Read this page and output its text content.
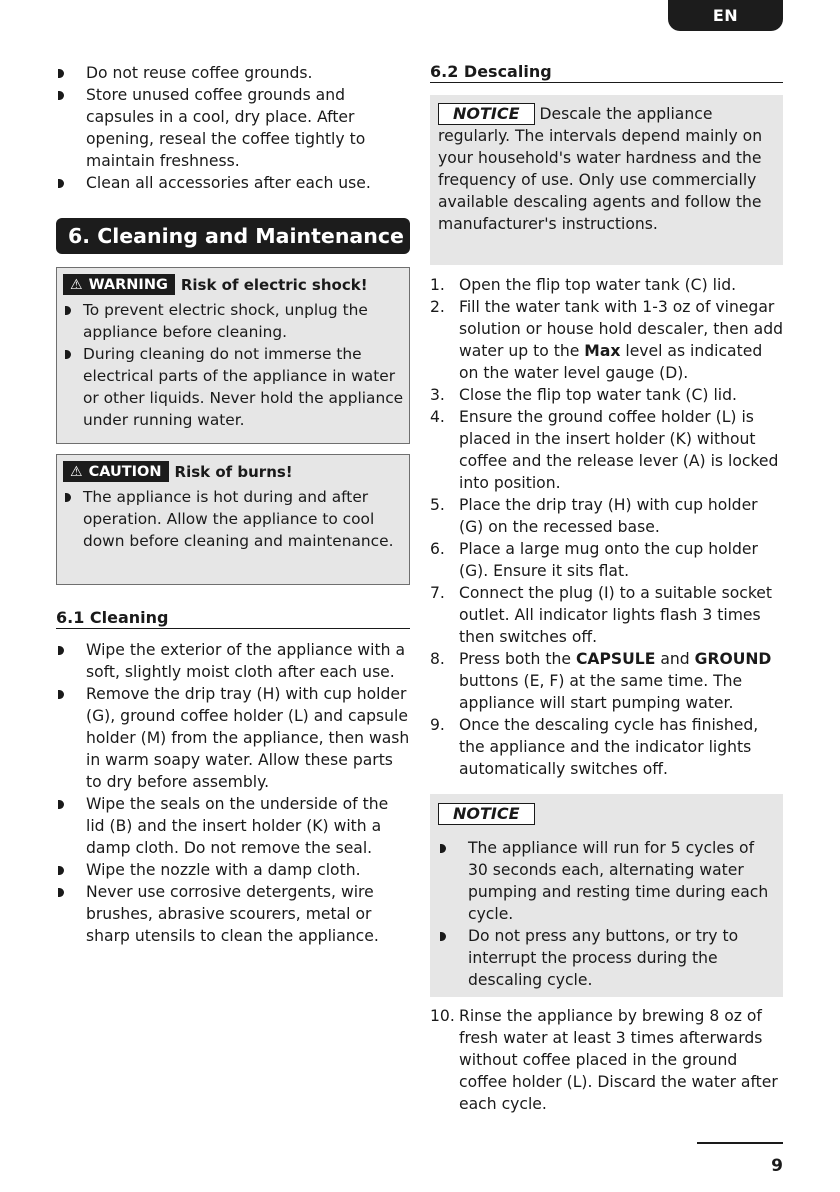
EN
Do not reuse coffee grounds.
Store unused coffee grounds and capsules in a cool, dry place. After opening, reseal the coffee tightly to maintain freshness.
Clean all accessories after each use.
6. Cleaning and Maintenance
⚠ WARNING Risk of electric shock!
To prevent electric shock, unplug the appliance before cleaning.
During cleaning do not immerse the electrical parts of the appliance in water or other liquids. Never hold the appliance under running water.
⚠ CAUTION Risk of burns!
The appliance is hot during and after operation. Allow the appliance to cool down before cleaning and maintenance.
6.1 Cleaning
Wipe the exterior of the appliance with a soft, slightly moist cloth after each use.
Remove the drip tray (H) with cup holder (G), ground coffee holder (L) and capsule holder (M) from the appliance, then wash in warm soapy water. Allow these parts to dry before assembly.
Wipe the seals on the underside of the lid (B) and the insert holder (K) with a damp cloth. Do not remove the seal.
Wipe the nozzle with a damp cloth.
Never use corrosive detergents, wire brushes, abrasive scourers, metal or sharp utensils to clean the appliance.
6.2 Descaling
NOTICE Descale the appliance regularly. The intervals depend mainly on your household's water hardness and the frequency of use. Only use commercially available descaling agents and follow the manufacturer's instructions.
1. Open the flip top water tank (C) lid.
2. Fill the water tank with 1-3 oz of vinegar solution or house hold descaler, then add water up to the Max level as indicated on the water level gauge (D).
3. Close the flip top water tank (C) lid.
4. Ensure the ground coffee holder (L) is placed in the insert holder (K) without coffee and the release lever (A) is locked into position.
5. Place the drip tray (H) with cup holder (G) on the recessed base.
6. Place a large mug onto the cup holder (G). Ensure it sits flat.
7. Connect the plug (I) to a suitable socket outlet. All indicator lights flash 3 times then switches off.
8. Press both the CAPSULE and GROUND buttons (E, F) at the same time. The appliance will start pumping water.
9. Once the descaling cycle has finished, the appliance and the indicator lights automatically switches off.
NOTICE
The appliance will run for 5 cycles of 30 seconds each, alternating water pumping and resting time during each cycle.
Do not press any buttons, or try to interrupt the process during the descaling cycle.
10. Rinse the appliance by brewing 8 oz of fresh water at least 3 times afterwards without coffee placed in the ground coffee holder (L). Discard the water after each cycle.
9
